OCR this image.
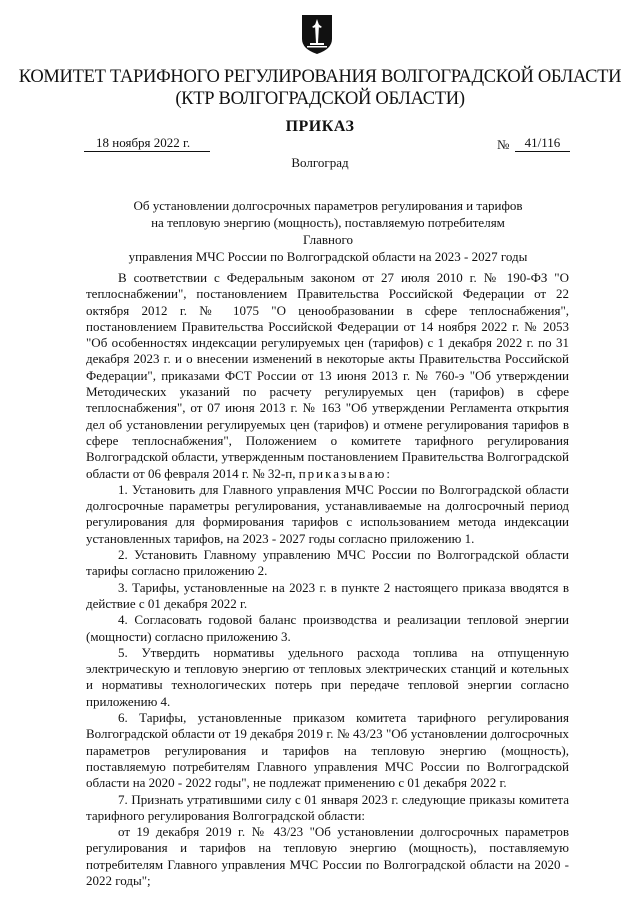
КОМИТЕТ ТАРИФНОГО РЕГУЛИРОВАНИЯ ВОЛГОГРАДСКОЙ ОБЛАСТИ
(КТР ВОЛГОГРАДСКОЙ ОБЛАСТИ)
ПРИКАЗ
18 ноября 2022 г.	№	41/116
Волгоград
Об установлении долгосрочных параметров регулирования и тарифов
на тепловую энергию (мощность), поставляемую потребителям Главного
управления МЧС России по Волгоградской области на 2023 - 2027 годы

В соответствии с Федеральным законом от 27 июля 2010 г. № 190-ФЗ "О теплоснабжении", постановлением Правительства Российской Федерации от 22 октября 2012 г. № 1075 "О ценообразовании в сфере теплоснабжения", постановлением Правительства Российской Федерации от 14 ноября 2022 г. № 2053 "Об особенностях индексации регулируемых цен (тарифов) с 1 декабря 2022 г. по 31 декабря 2023 г. и о внесении изменений в некоторые акты Правительства Российской Федерации", приказами ФСТ России от 13 июня 2013 г. № 760-э "Об утверждении Методических указаний по расчету регулируемых цен (тарифов) в сфере теплоснабжения", от 07 июня 2013 г. № 163 "Об утверждении Регламента открытия дел об установлении регулируемых цен (тарифов) и отмене регулирования тарифов в сфере теплоснабжения", Положением о комитете тарифного регулирования Волгоградской области, утвержденным постановлением Правительства Волгоградской области от 06 февраля 2014 г. № 32-п, приказываю:

1. Установить для Главного управления МЧС России по Волгоградской области долгосрочные параметры регулирования, устанавливаемые на долгосрочный период регулирования для формирования тарифов с использованием метода индексации установленных тарифов, на 2023 - 2027 годы согласно приложению 1.

2. Установить Главному управлению МЧС России по Волгоградской области тарифы согласно приложению 2.

3. Тарифы, установленные на 2023 г. в пункте 2 настоящего приказа вводятся в действие с 01 декабря 2022 г.

4. Согласовать годовой баланс производства и реализации тепловой энергии (мощности) согласно приложению 3.

5. Утвердить нормативы удельного расхода топлива на отпущенную электрическую и тепловую энергию от тепловых электрических станций и котельных и нормативы технологических потерь при передаче тепловой энергии согласно приложению 4.

6. Тарифы, установленные приказом комитета тарифного регулирования Волгоградской области от 19 декабря 2019 г. № 43/23 "Об установлении долгосрочных параметров регулирования и тарифов на тепловую энергию (мощность), поставляемую потребителям Главного управления МЧС России по Волгоградской области на 2020 - 2022 годы", не подлежат применению с 01 декабря 2022 г.

7. Признать утратившими силу с 01 января 2023 г. следующие приказы комитета тарифного регулирования Волгоградской области:

от 19 декабря 2019 г. № 43/23 "Об установлении долгосрочных параметров регулирования и тарифов на тепловую энергию (мощность), поставляемую потребителям Главного управления МЧС России по Волгоградской области на 2020 - 2022 годы";
